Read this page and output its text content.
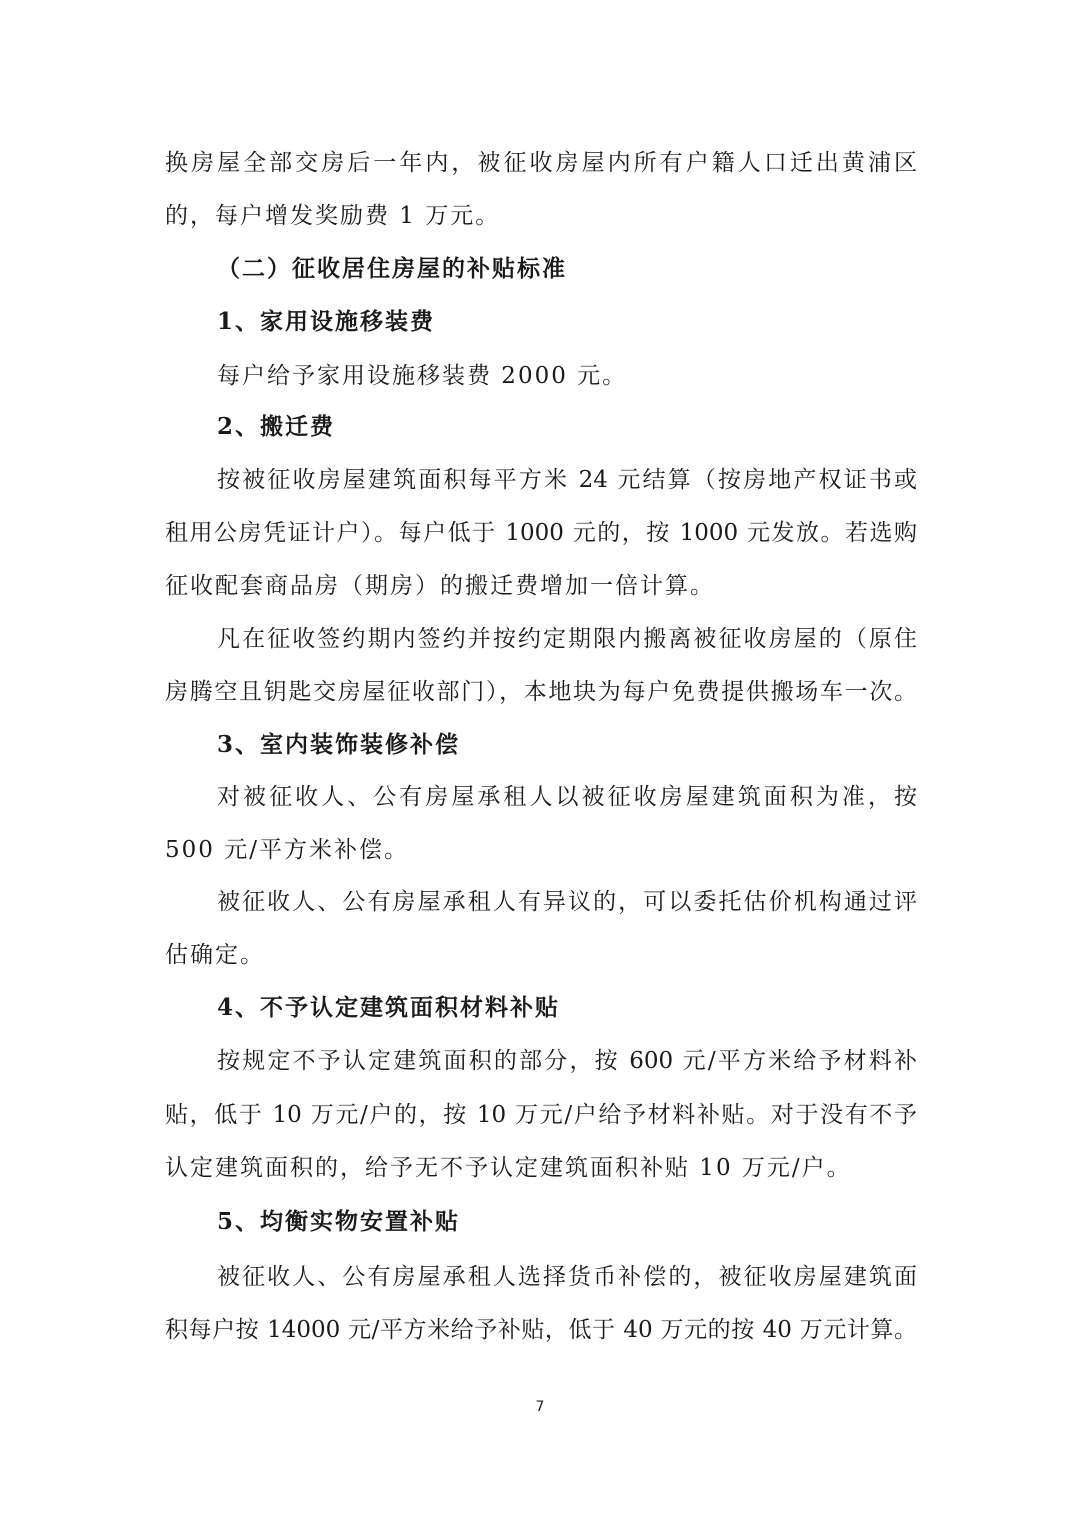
换房屋全部交房后一年内，被征收房屋内所有户籍人口迁出黄浦区
的，每户增发奖励费 1 万元。
（二）征收居住房屋的补贴标准
1、家用设施移装费
每户给予家用设施移装费 2000 元。
2、搬迁费
按被征收房屋建筑面积每平方米 24 元结算（按房地产权证书或
租用公房凭证计户）。每户低于 1000 元的，按 1000 元发放。若选购
征收配套商品房（期房）的搬迁费增加一倍计算。
凡在征收签约期内签约并按约定期限内搬离被征收房屋的（原住
房腾空且钥匙交房屋征收部门），本地块为每户免费提供搬场车一次。
3、室内装饰装修补偿
对被征收人、公有房屋承租人以被征收房屋建筑面积为准，按
500 元/平方米补偿。
被征收人、公有房屋承租人有异议的，可以委托估价机构通过评
估确定。
4、不予认定建筑面积材料补贴
按规定不予认定建筑面积的部分，按 600 元/平方米给予材料补
贴，低于 10 万元/户的，按 10 万元/户给予材料补贴。对于没有不予
认定建筑面积的，给予无不予认定建筑面积补贴 10 万元/户。
5、均衡实物安置补贴
被征收人、公有房屋承租人选择货币补偿的，被征收房屋建筑面
积每户按 14000 元/平方米给予补贴，低于 40 万元的按 40 万元计算。
7
